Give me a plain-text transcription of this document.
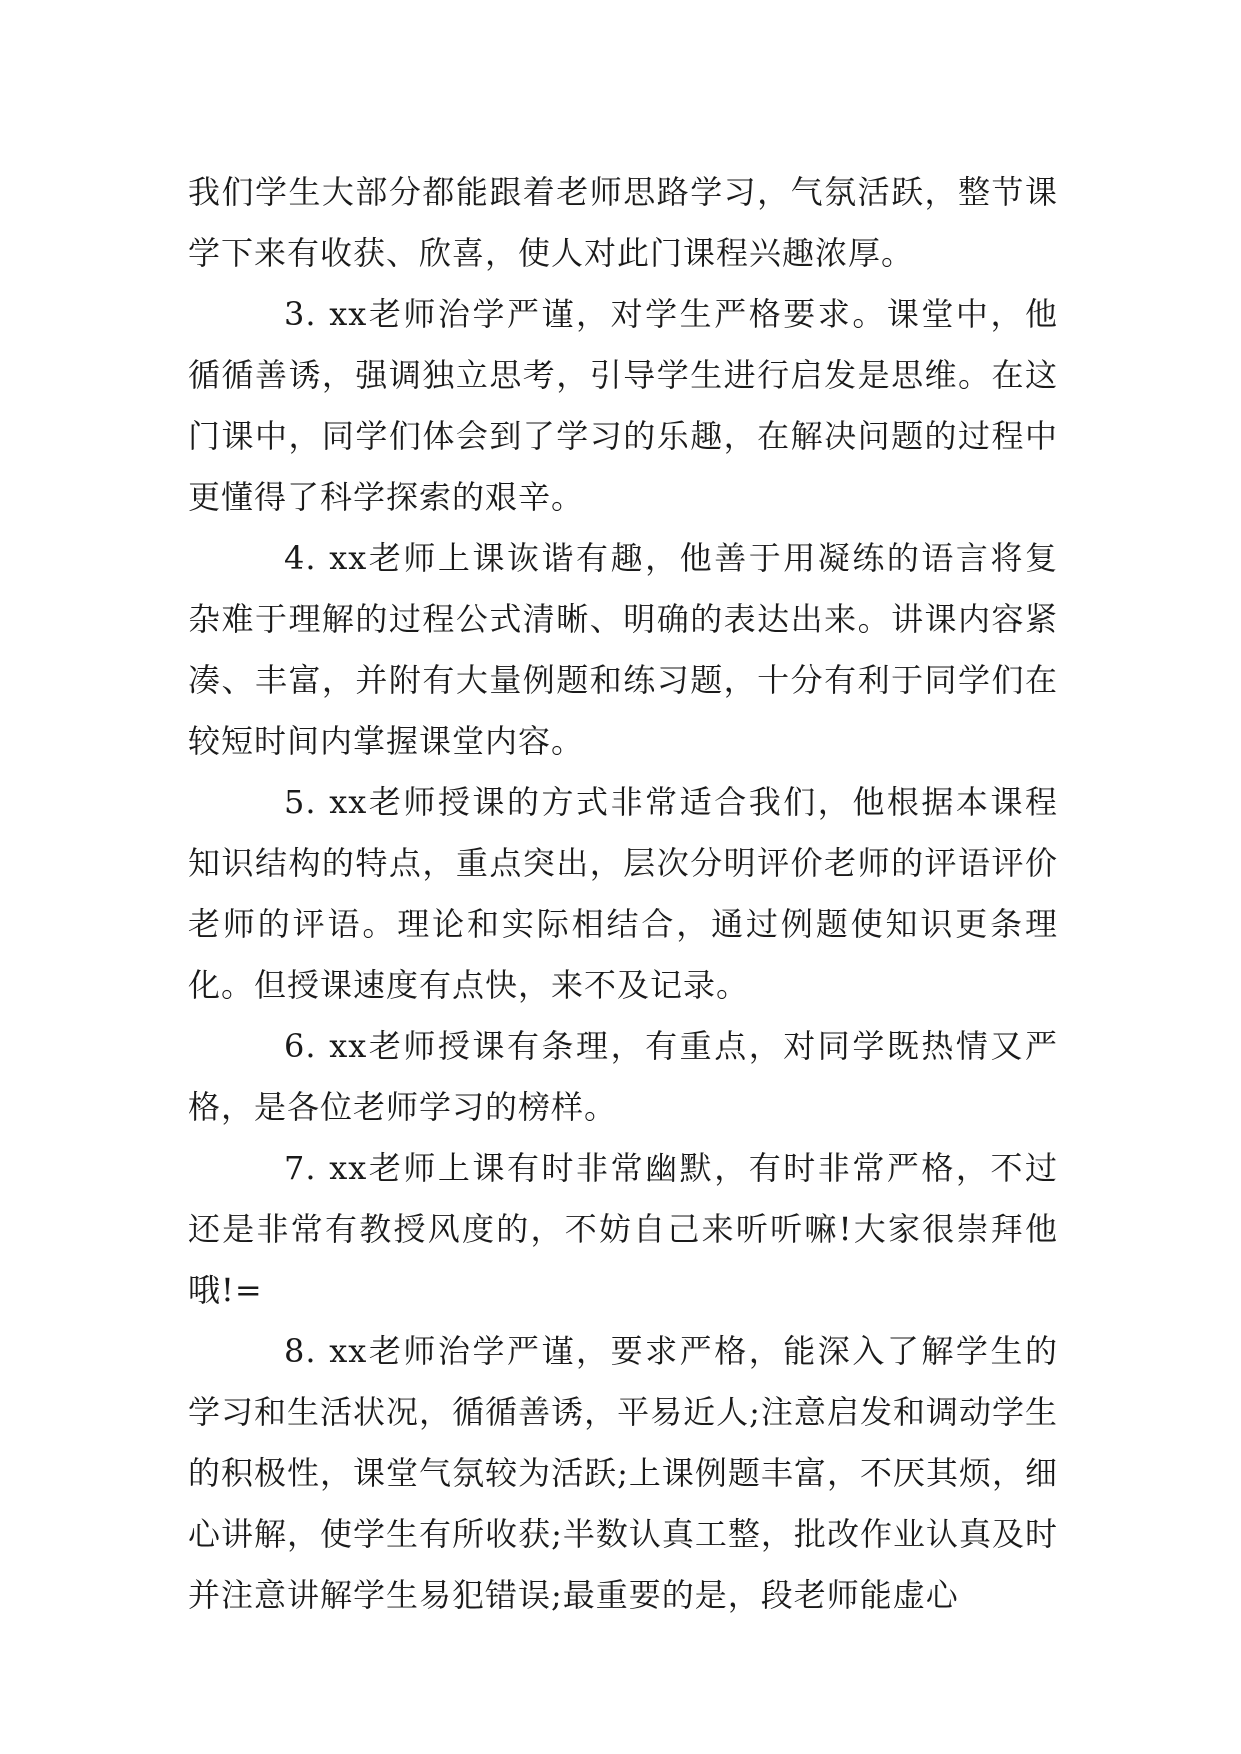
我们学生大部分都能跟着老师思路学习，气氛活跃，整节课学下来有收获、欣喜，使人对此门课程兴趣浓厚。

3. xx老师治学严谨，对学生严格要求。课堂中，他循循善诱，强调独立思考，引导学生进行启发是思维。在这门课中，同学们体会到了学习的乐趣，在解决问题的过程中更懂得了科学探索的艰辛。

4. xx老师上课诙谐有趣，他善于用凝练的语言将复杂难于理解的过程公式清晰、明确的表达出来。讲课内容紧凑、丰富，并附有大量例题和练习题，十分有利于同学们在较短时间内掌握课堂内容。

5. xx老师授课的方式非常适合我们，他根据本课程知识结构的特点，重点突出，层次分明评价老师的评语评价老师的评语。理论和实际相结合，通过例题使知识更条理化。但授课速度有点快，来不及记录。

6. xx老师授课有条理，有重点，对同学既热情又严格，是各位老师学习的榜样。

7. xx老师上课有时非常幽默，有时非常严格，不过还是非常有教授风度的，不妨自己来听听嘛!大家很崇拜他哦!=

8. xx老师治学严谨，要求严格，能深入了解学生的学习和生活状况，循循善诱，平易近人;注意启发和调动学生的积极性，课堂气氛较为活跃;上课例题丰富，不厌其烦，细心讲解，使学生有所收获;半数认真工整，批改作业认真及时并注意讲解学生易犯错误;最重要的是，段老师能虚心
